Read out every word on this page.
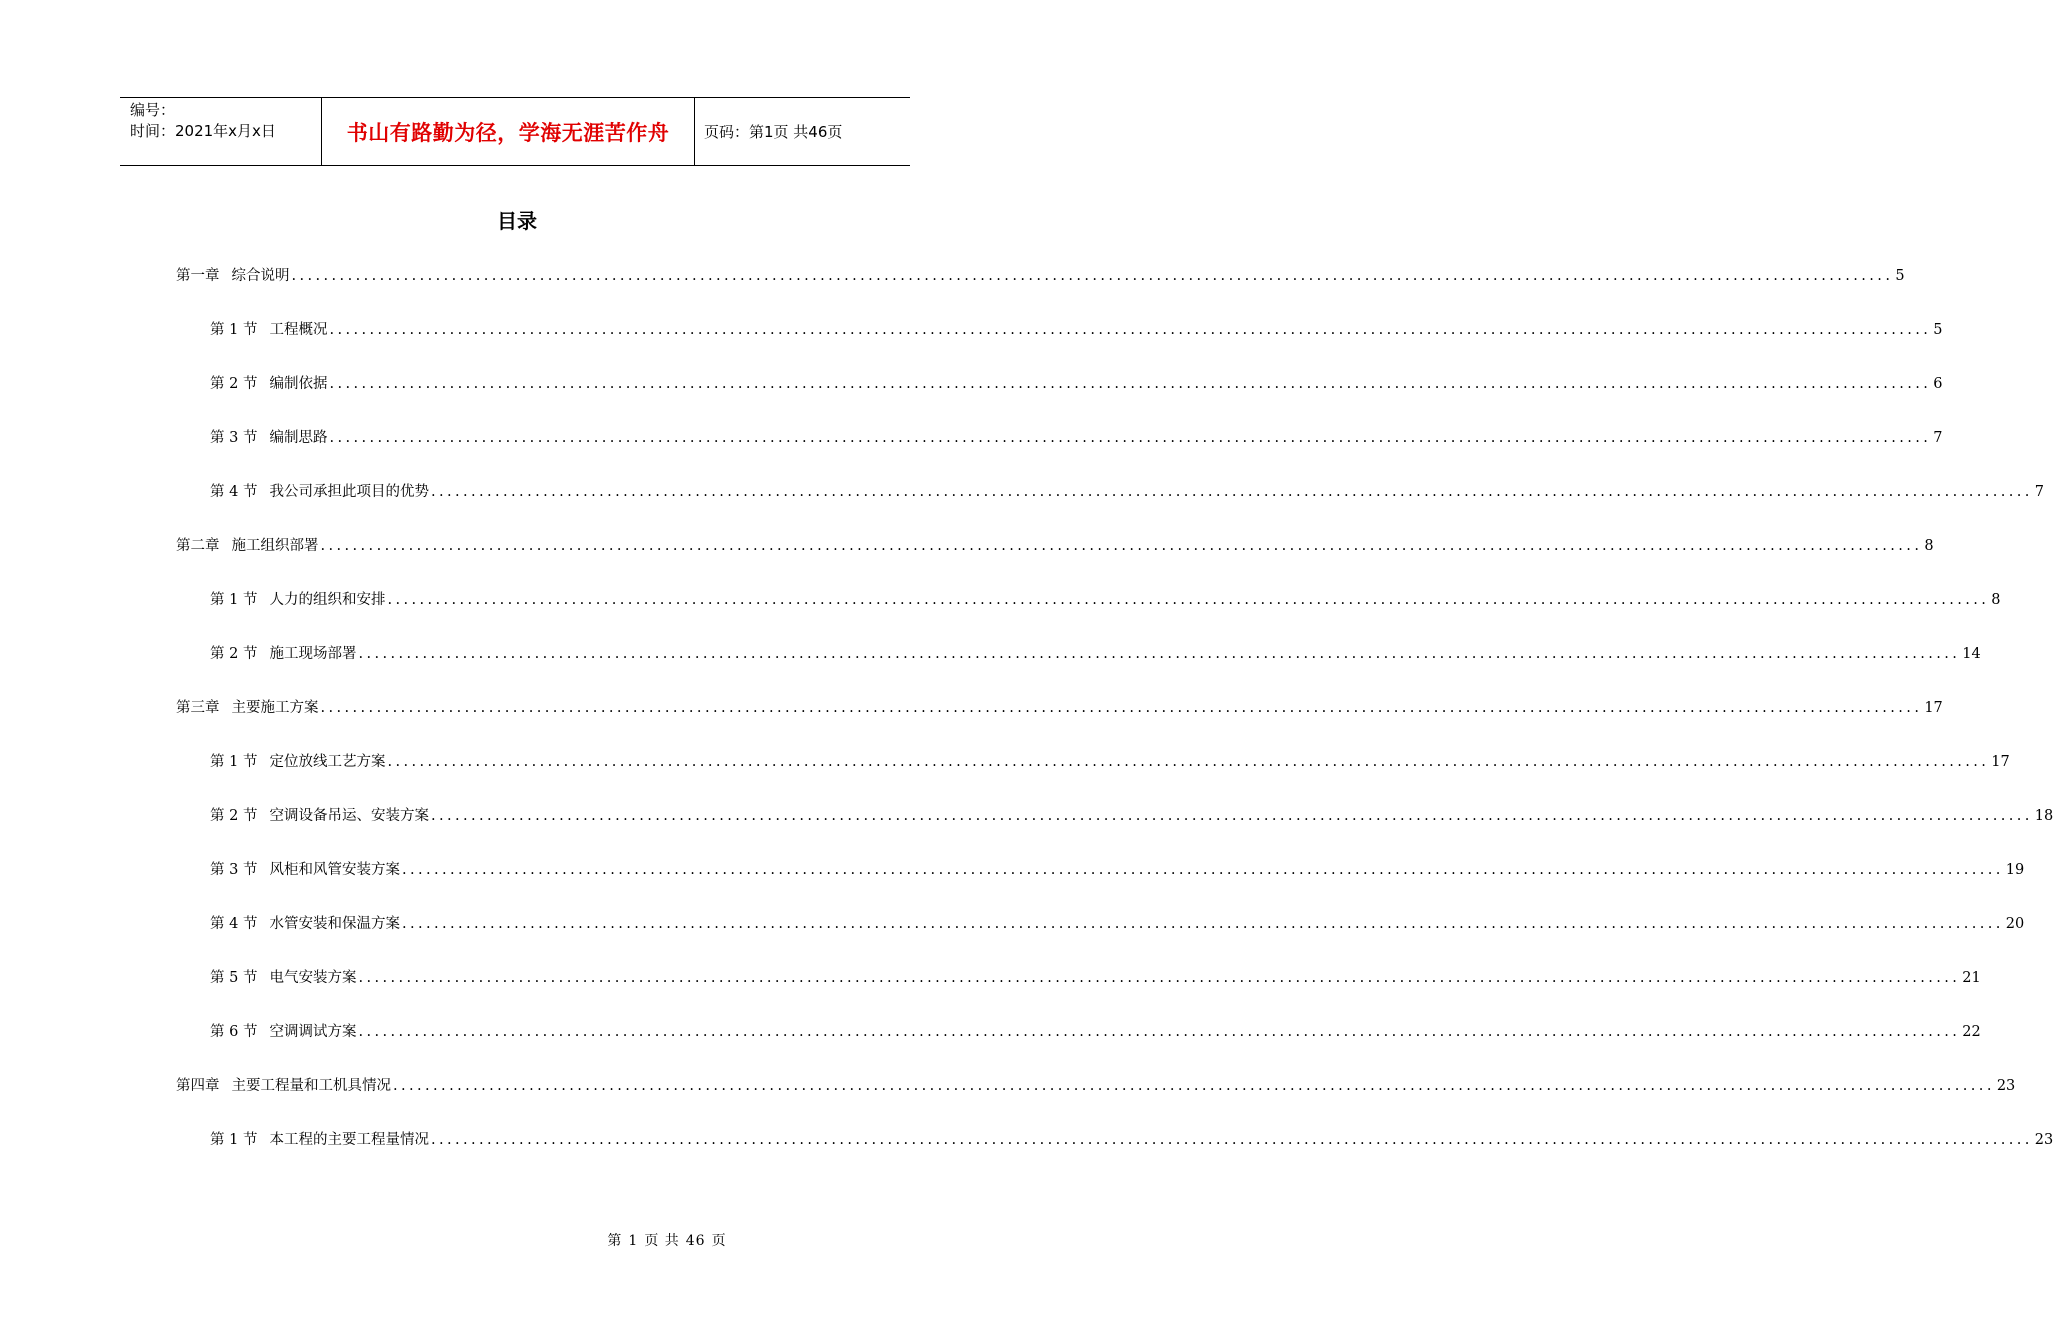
编号：
时间：2021年x月x日	书山有路勤为径，学海无涯苦作舟	页码：第1页 共46页
目录
第一章 综合说明 ........................................................................................................................................................................................................ 5
第 1 节 工程概况 ........................................................................................................................................................................................................ 5
第 2 节 编制依据 ........................................................................................................................................................................................................ 6
第 3 节 编制思路 ........................................................................................................................................................................................................ 7
第 4 节 我公司承担此项目的优势 ........................................................................................................................................................................................................ 7
第二章 施工组织部署 ........................................................................................................................................................................................................ 8
第 1 节 人力的组织和安排 ........................................................................................................................................................................................................ 8
第 2 节 施工现场部署 ........................................................................................................................................................................................................ 14
第三章 主要施工方案 ........................................................................................................................................................................................................ 17
第 1 节 定位放线工艺方案 ........................................................................................................................................................................................................ 17
第 2 节 空调设备吊运、安装方案 ........................................................................................................................................................................................................ 18
第 3 节 风柜和风管安装方案 ........................................................................................................................................................................................................ 19
第 4 节 水管安装和保温方案 ........................................................................................................................................................................................................ 20
第 5 节 电气安装方案 ........................................................................................................................................................................................................ 21
第 6 节 空调调试方案 ........................................................................................................................................................................................................ 22
第四章 主要工程量和工机具情况 ........................................................................................................................................................................................................ 23
第 1 节 本工程的主要工程量情况 ........................................................................................................................................................................................................ 23
第 1 页 共 46 页
